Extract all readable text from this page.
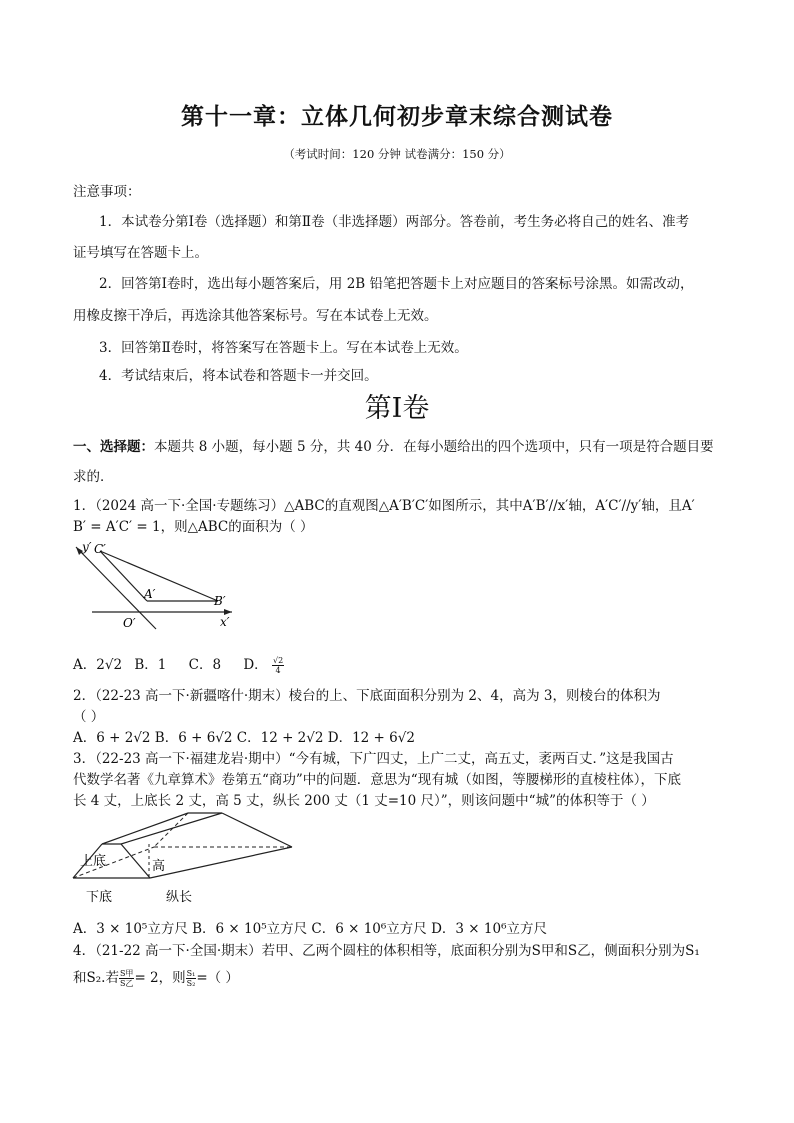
第十一章：立体几何初步章末综合测试卷
（考试时间：120 分钟 试卷满分：150 分）
注意事项：
1．本试卷分第Ⅰ卷（选择题）和第Ⅱ卷（非选择题）两部分。答卷前，考生务必将自己的姓名、准考
证号填写在答题卡上。
2．回答第Ⅰ卷时，选出每小题答案后，用 2B 铅笔把答题卡上对应题目的答案标号涂黑。如需改动，
用橡皮擦干净后，再选涂其他答案标号。写在本试卷上无效。
3．回答第Ⅱ卷时，将答案写在答题卡上。写在本试卷上无效。
4．考试结束后，将本试卷和答题卡一并交回。
第Ⅰ卷
一、选择题：本题共 8 小题，每小题 5 分，共 40 分．在每小题给出的四个选项中，只有一项是符合题目要
求的．
1．（2024 高一下·全国·专题练习）△ABC的直观图△A′B′C′如图所示，其中A′B′//x′轴，A′C′//y′轴，且A′
B′ = A′C′ = 1，则△ABC的面积为（ ）
y′ C′
A′	B′
O′	x′
A．2√2 B．1 C．8 D． $\frac{√2}{4}$
2．（22-23 高一下·新疆喀什·期末）棱台的上、下底面面积分别为 2、4，高为 3，则棱台的体积为
（ ）
A．6 + 2√2 B．6 + 6√2 C．12 + 2√2 D．12 + 6√2
3．（22-23 高一下·福建龙岩·期中）“今有城，下广四丈，上广二丈，高五丈，袤两百丈．”这是我国古
代数学名著《九章算术》卷第五“商功”中的问题．意思为“现有城（如图，等腰梯形的直棱柱体），下底
长 4 丈，上底长 2 丈，高 5 丈，纵长 200 丈（1 丈=10 尺）”，则该问题中“城”的体积等于（ ）
上底	高
下底	纵长
A．3 × 10⁵立方尺 B．6 × 10⁵立方尺 C．6 × 10⁶立方尺 D．3 × 10⁶立方尺
4．（21-22 高一下·全国·期末）若甲、乙两个圆柱的体积相等，底面积分别为S甲和S乙，侧面积分别为S₁
和S₂.若 $\frac{\text{S甲}}{\text{S乙}} = 2$，则 $\frac{\text{S₁}}{\text{S₂}}$ =（ ）
